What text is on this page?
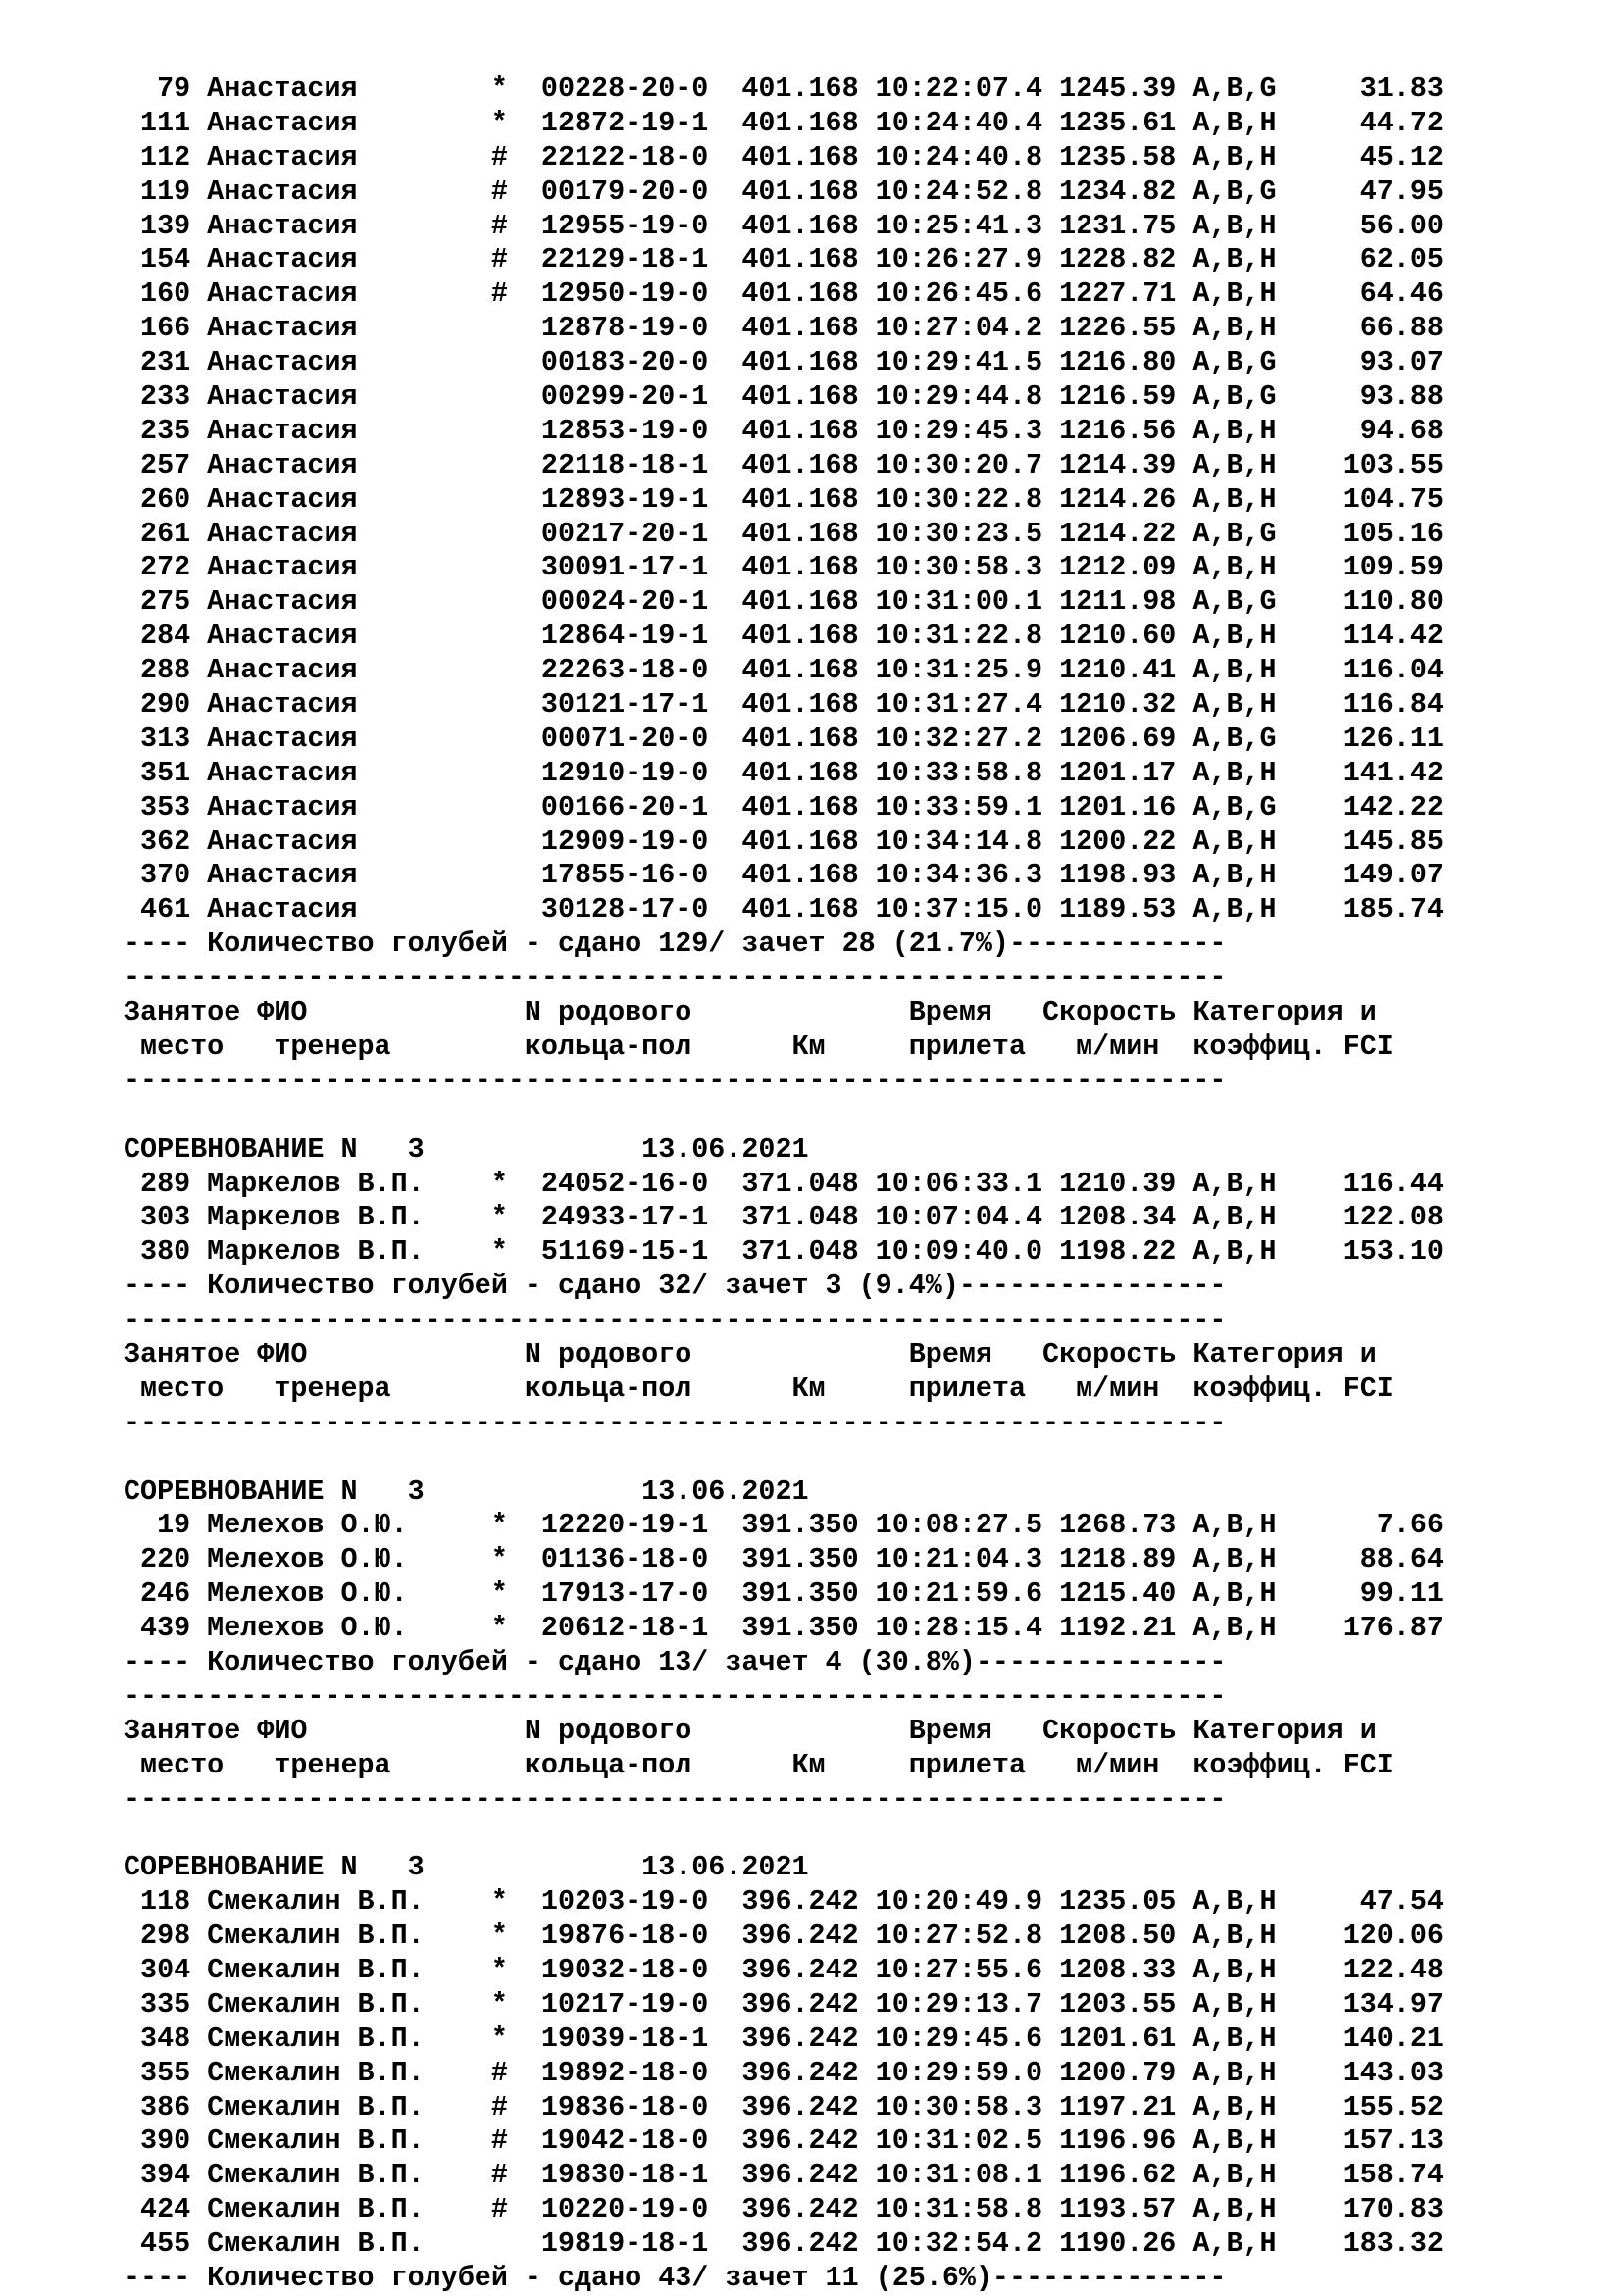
79 Анастасия        *  00228-20-0  401.168 10:22:07.4 1245.39 A,B,G     31.83
111 Анастасия        *  12872-19-1  401.168 10:24:40.4 1235.61 A,B,H     44.72
112 Анастасия        #  22122-18-0  401.168 10:24:40.8 1235.58 A,B,H     45.12
119 Анастасия        #  00179-20-0  401.168 10:24:52.8 1234.82 A,B,G     47.95
139 Анастасия        #  12955-19-0  401.168 10:25:41.3 1231.75 A,B,H     56.00
154 Анастасия        #  22129-18-1  401.168 10:26:27.9 1228.82 A,B,H     62.05
160 Анастасия        #  12950-19-0  401.168 10:26:45.6 1227.71 A,B,H     64.46
166 Анастасия           12878-19-0  401.168 10:27:04.2 1226.55 A,B,H     66.88
231 Анастасия           00183-20-0  401.168 10:29:41.5 1216.80 A,B,G     93.07
233 Анастасия           00299-20-1  401.168 10:29:44.8 1216.59 A,B,G     93.88
235 Анастасия           12853-19-0  401.168 10:29:45.3 1216.56 A,B,H     94.68
257 Анастасия           22118-18-1  401.168 10:30:20.7 1214.39 A,B,H    103.55
260 Анастасия           12893-19-1  401.168 10:30:22.8 1214.26 A,B,H    104.75
261 Анастасия           00217-20-1  401.168 10:30:23.5 1214.22 A,B,G    105.16
272 Анастасия           30091-17-1  401.168 10:30:58.3 1212.09 A,B,H    109.59
275 Анастасия           00024-20-1  401.168 10:31:00.1 1211.98 A,B,G    110.80
284 Анастасия           12864-19-1  401.168 10:31:22.8 1210.60 A,B,H    114.42
288 Анастасия           22263-18-0  401.168 10:31:25.9 1210.41 A,B,H    116.04
290 Анастасия           30121-17-1  401.168 10:31:27.4 1210.32 A,B,H    116.84
313 Анастасия           00071-20-0  401.168 10:32:27.2 1206.69 A,B,G    126.11
351 Анастасия           12910-19-0  401.168 10:33:58.8 1201.17 A,B,H    141.42
353 Анастасия           00166-20-1  401.168 10:33:59.1 1201.16 A,B,G    142.22
362 Анастасия           12909-19-0  401.168 10:34:14.8 1200.22 A,B,H    145.85
370 Анастасия           17855-16-0  401.168 10:34:36.3 1198.93 A,B,H    149.07
461 Анастасия           30128-17-0  401.168 10:37:15.0 1189.53 A,B,H    185.74
---- Количество голубей - сдано 129/ зачет 28 (21.7%)-------------
------------------------------------------------------------------
Занятое ФИО             N родового             Время   Скорость Категория и
место   тренера        кольца-пол      Км     прилета   м/мин  коэффиц. FCI
------------------------------------------------------------------
СОРЕВНОВАНИЕ N   3             13.06.2021
289 Маркелов В.П.    *  24052-16-0  371.048 10:06:33.1 1210.39 A,B,H    116.44
303 Маркелов В.П.    *  24933-17-1  371.048 10:07:04.4 1208.34 A,B,H    122.08
380 Маркелов В.П.    *  51169-15-1  371.048 10:09:40.0 1198.22 A,B,H    153.10
---- Количество голубей - сдано 32/ зачет 3 (9.4%)----------------
------------------------------------------------------------------
Занятое ФИО             N родового             Время   Скорость Категория и
место   тренера        кольца-пол      Км     прилета   м/мин  коэффиц. FCI
------------------------------------------------------------------
СОРЕВНОВАНИЕ N   3             13.06.2021
19 Мелехов О.Ю.     *  12220-19-1  391.350 10:08:27.5 1268.73 A,B,H      7.66
220 Мелехов О.Ю.     *  01136-18-0  391.350 10:21:04.3 1218.89 A,B,H     88.64
246 Мелехов О.Ю.     *  17913-17-0  391.350 10:21:59.6 1215.40 A,B,H     99.11
439 Мелехов О.Ю.     *  20612-18-1  391.350 10:28:15.4 1192.21 A,B,H    176.87
---- Количество голубей - сдано 13/ зачет 4 (30.8%)---------------
------------------------------------------------------------------
Занятое ФИО             N родового             Время   Скорость Категория и
место   тренера        кольца-пол      Км     прилета   м/мин  коэффиц. FCI
------------------------------------------------------------------
СОРЕВНОВАНИЕ N   3             13.06.2021
118 Смекалин В.П.    *  10203-19-0  396.242 10:20:49.9 1235.05 A,B,H     47.54
298 Смекалин В.П.    *  19876-18-0  396.242 10:27:52.8 1208.50 A,B,H    120.06
304 Смекалин В.П.    *  19032-18-0  396.242 10:27:55.6 1208.33 A,B,H    122.48
335 Смекалин В.П.    *  10217-19-0  396.242 10:29:13.7 1203.55 A,B,H    134.97
348 Смекалин В.П.    *  19039-18-1  396.242 10:29:45.6 1201.61 A,B,H    140.21
355 Смекалин В.П.    #  19892-18-0  396.242 10:29:59.0 1200.79 A,B,H    143.03
386 Смекалин В.П.    #  19836-18-0  396.242 10:30:58.3 1197.21 A,B,H    155.52
390 Смекалин В.П.    #  19042-18-0  396.242 10:31:02.5 1196.96 A,B,H    157.13
394 Смекалин В.П.    #  19830-18-1  396.242 10:31:08.1 1196.62 A,B,H    158.74
424 Смекалин В.П.    #  10220-19-0  396.242 10:31:58.8 1193.57 A,B,H    170.83
455 Смекалин В.П.       19819-18-1  396.242 10:32:54.2 1190.26 A,B,H    183.32
---- Количество голубей - сдано 43/ зачет 11 (25.6%)--------------
